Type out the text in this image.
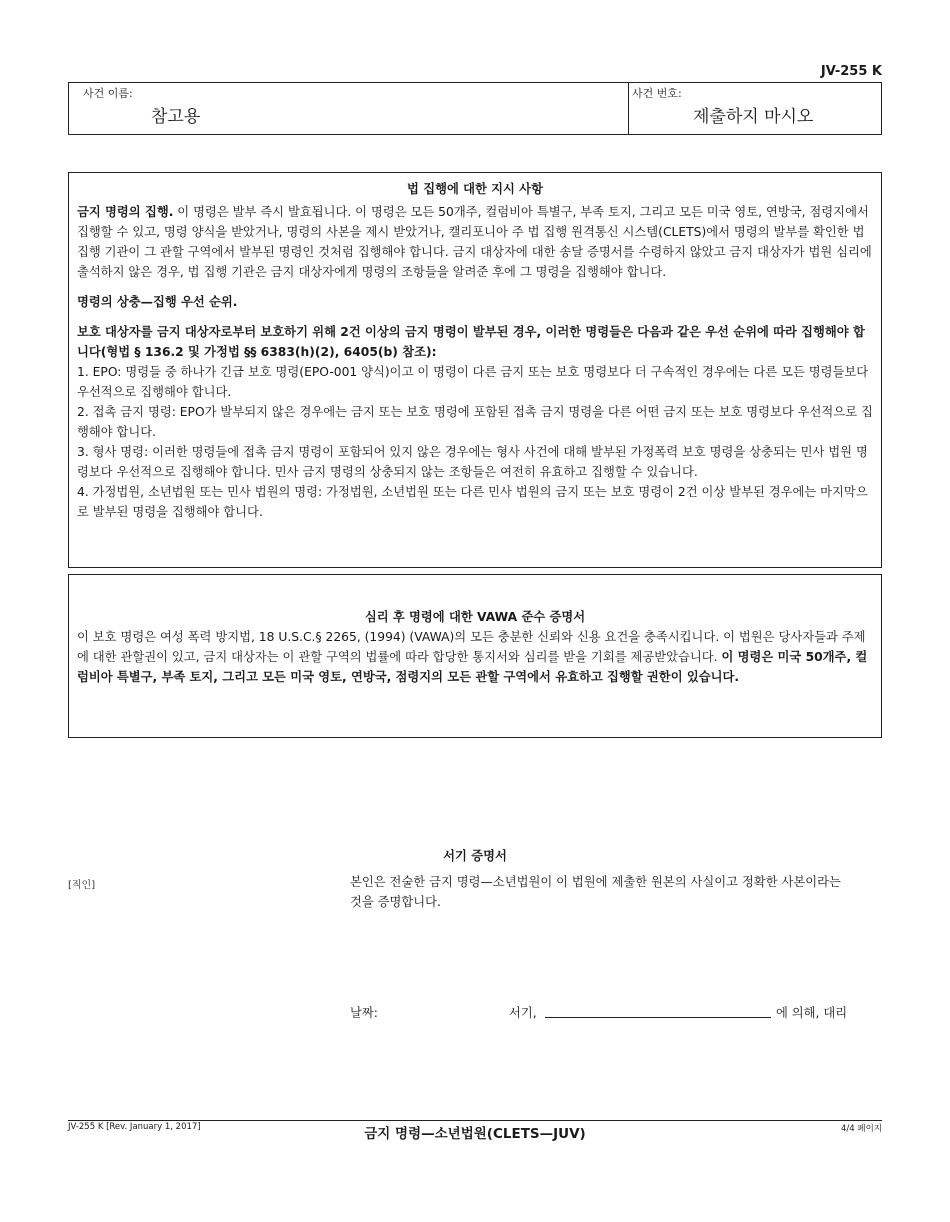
JV-255 K
사건 이름:
참고용
사건 번호:
제출하지 마시오

법 집행에 대한 지시 사항

금지 명령의 집행. 이 명령은 발부 즉시 발효됩니다. 이 명령은 모든 50개주, 컬럼비아 특별구, 부족 토지, 그리고 모든 미국 영토, 연방국, 점령지에서 집행할 수 있고, 명령 양식을 받았거나, 명령의 사본을 제시 받았거나, 캘리포니아 주 법 집행 원격통신 시스템(CLETS)에서 명령의 발부를 확인한 법 집행 기관이 그 관할 구역에서 발부된 명령인 것처럼 집행해야 합니다. 금지 대상자에 대한 송달 증명서를 수령하지 않았고 금지 대상자가 법원 심리에 출석하지 않은 경우, 법 집행 기관은 금지 대상자에게 명령의 조항들을 알려준 후에 그 명령을 집행해야 합니다.

명령의 상충—집행 우선 순위.

보호 대상자를 금지 대상자로부터 보호하기 위해 2건 이상의 금지 명령이 발부된 경우, 이러한 명령들은 다음과 같은 우선 순위에 따라 집행해야 합니다(형법 § 136.2 및 가정법 §§ 6383(h)(2), 6405(b) 참조):

1. EPO: 명령들 중 하나가 긴급 보호 명령(EPO-001 양식)이고 이 명령이 다른 금지 또는 보호 명령보다 더 구속적인 경우에는 다른 모든 명령들보다 우선적으로 집행해야 합니다.

2. 접촉 금지 명령: EPO가 발부되지 않은 경우에는 금지 또는 보호 명령에 포함된 접촉 금지 명령을 다른 어떤 금지 또는 보호 명령보다 우선적으로 집행해야 합니다.

3. 형사 명령: 이러한 명령들에 접촉 금지 명령이 포함되어 있지 않은 경우에는 형사 사건에 대해 발부된 가정폭력 보호 명령을 상충되는 민사 법원 명령보다 우선적으로 집행해야 합니다. 민사 금지 명령의 상충되지 않는 조항들은 여전히 유효하고 집행할 수 있습니다.

4. 가정법원, 소년법원 또는 민사 법원의 명령: 가정법원, 소년법원 또는 다른 민사 법원의 금지 또는 보호 명령이 2건 이상 발부된 경우에는 마지막으로 발부된 명령을 집행해야 합니다.

심리 후 명령에 대한 VAWA 준수 증명서

이 보호 명령은 여성 폭력 방지법, 18 U.S.C.§ 2265, (1994) (VAWA)의 모든 충분한 신뢰와 신용 요건을 충족시킵니다. 이 법원은 당사자들과 주제에 대한 관할권이 있고, 금지 대상자는 이 관할 구역의 법률에 따라 합당한 통지서와 심리를 받을 기회를 제공받았습니다. 이 명령은 미국 50개주, 컬럼비아 특별구, 부족 토지, 그리고 모든 미국 영토, 연방국, 점령지의 모든 관할 구역에서 유효하고 집행할 권한이 있습니다.

서기 증명서
[직인]	본인은 전술한 금지 명령—소년법원이 이 법원에 제출한 원본의 사실이고 정확한 사본이라는 것을 증명합니다.
날짜:	서기,	에 의해, 대리
JV-255 K [Rev. January 1, 2017]	금지 명령—소년법원(CLETS—JUV)	4/4 페이지
